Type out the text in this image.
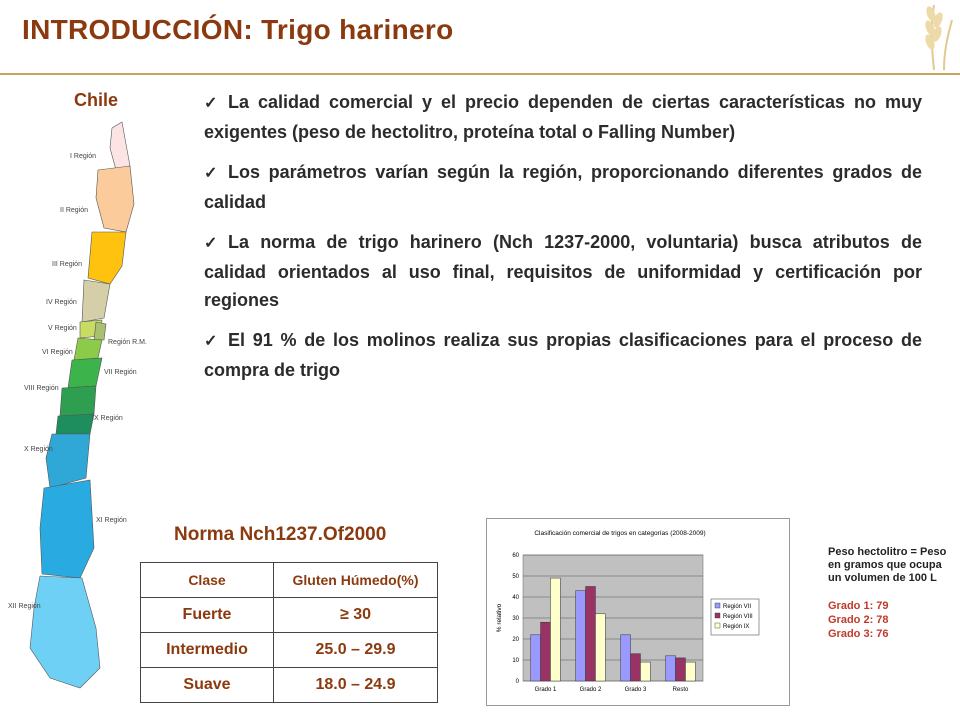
INTRODUCCIÓN: Trigo harinero
Chile
I Región
II Región
III Región
IV Región
V Región
Región R.M.
VI Región
VII Región
VIII Región
IX Región
X Región
XI Región
XII Región
✓ La calidad comercial y el precio dependen de ciertas características no muy exigentes (peso de hectolitro, proteína total o Falling Number)
✓ Los parámetros varían según la región, proporcionando diferentes grados de calidad
✓ La norma de trigo harinero (Nch 1237-2000, voluntaria) busca atributos de calidad orientados al uso final, requisitos de uniformidad y certificación por regiones
✓ El 91 % de los molinos realiza sus propias clasificaciones para el proceso de compra de trigo
Norma Nch1237.Of2000
Clase	Gluten Húmedo(%)
Fuerte	≥ 30
Intermedio	25.0 – 29.9
Suave	18.0 – 24.9
Clasificación comercial de trigos en categorías (2008-2009)
0
10
20
30
40
50
60
% relativo
Grado 1	Grado 2	Grado 3	Resto
Región VII
Región VIII
Región IX
Peso hectolitro = Peso en gramos que ocupa un volumen de 100 L
Grado 1: 79
Grado 2: 78
Grado 3: 76
